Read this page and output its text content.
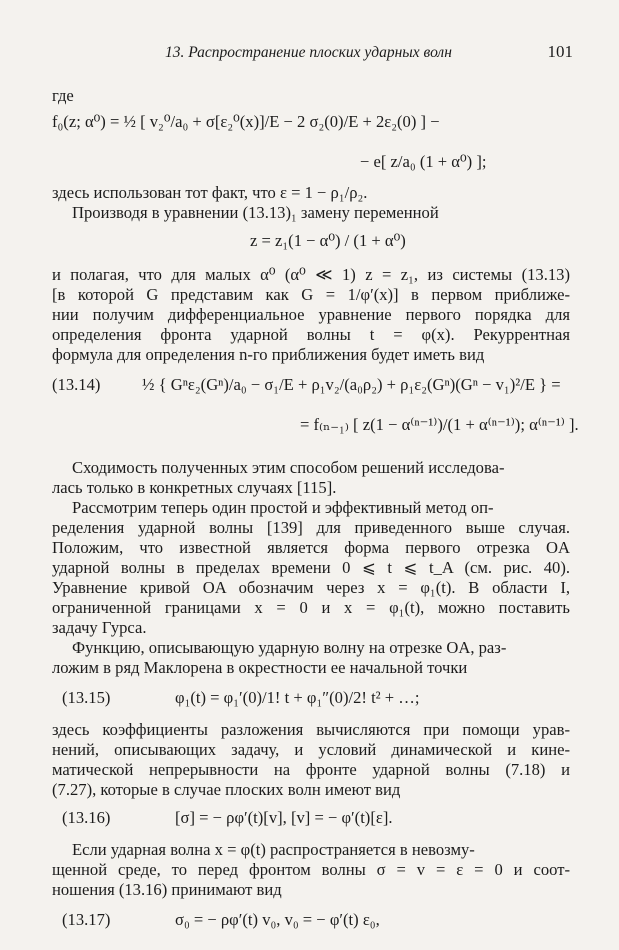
13. Распространение плоских ударных волн	101
где
f₀(z; α⁰) = ½ [ v₂⁰/a₀ + σ[ε₂⁰(x)]/E − 2 σ₂(0)/E + 2ε₂(0) ] −
− e[ z/a₀ (1 + α⁰) ];
здесь использован тот факт, что ε = 1 − ρ₁/ρ₂.
Производя в уравнении (13.13)₁ замену переменной
z = z₁(1 − α⁰) / (1 + α⁰)
и полагая, что для малых α⁰ (α⁰ ≪ 1) z = z₁, из системы (13.13)
[в которой G представим как G = 1/φ′(x)] в первом приближе-
нии получим дифференциальное уравнение первого порядка для
определения фронта ударной волны t = φ(x). Рекуррентная
формула для определения n-го приближения будет иметь вид
(13.14)	½ { Gⁿε₂(Gⁿ)/a₀ − σ₁/E + ρ₁v₂/(a₀ρ₂) + ρ₁ε₂(Gⁿ)(Gⁿ − v₁)²/E } =
= f₍ₙ₋₁₎ [ z(1 − α⁽ⁿ⁻¹⁾)/(1 + α⁽ⁿ⁻¹⁾); α⁽ⁿ⁻¹⁾ ].
Сходимость полученных этим способом решений исследова-
лась только в конкретных случаях [115].
Рассмотрим теперь один простой и эффективный метод оп-
ределения ударной волны [139] для приведенного выше случая.
Положим, что известной является форма первого отрезка OA
ударной волны в пределах времени 0 ⩽ t ⩽ t_A (см. рис. 40).
Уравнение кривой OA обозначим через x = φ₁(t). В области I,
ограниченной границами x = 0 и x = φ₁(t), можно поставить
задачу Гурса.
Функцию, описывающую ударную волну на отрезке OA, раз-
ложим в ряд Маклорена в окрестности ее начальной точки
(13.15)	φ₁(t) = φ₁′(0)/1! t + φ₁″(0)/2! t² + …;
здесь коэффициенты разложения вычисляются при помощи урав-
нений, описывающих задачу, и условий динамической и кине-
матической непрерывности на фронте ударной волны (7.18) и
(7.27), которые в случае плоских волн имеют вид
(13.16)	[σ] = − ρφ′(t)[v], [v] = − φ′(t)[ε].
Если ударная волна x = φ(t) распространяется в невозму-
щенной среде, то перед фронтом волны σ = v = ε = 0 и соот-
ношения (13.16) принимают вид
(13.17)	σ₀ = − ρφ′(t) v₀, v₀ = − φ′(t) ε₀,
